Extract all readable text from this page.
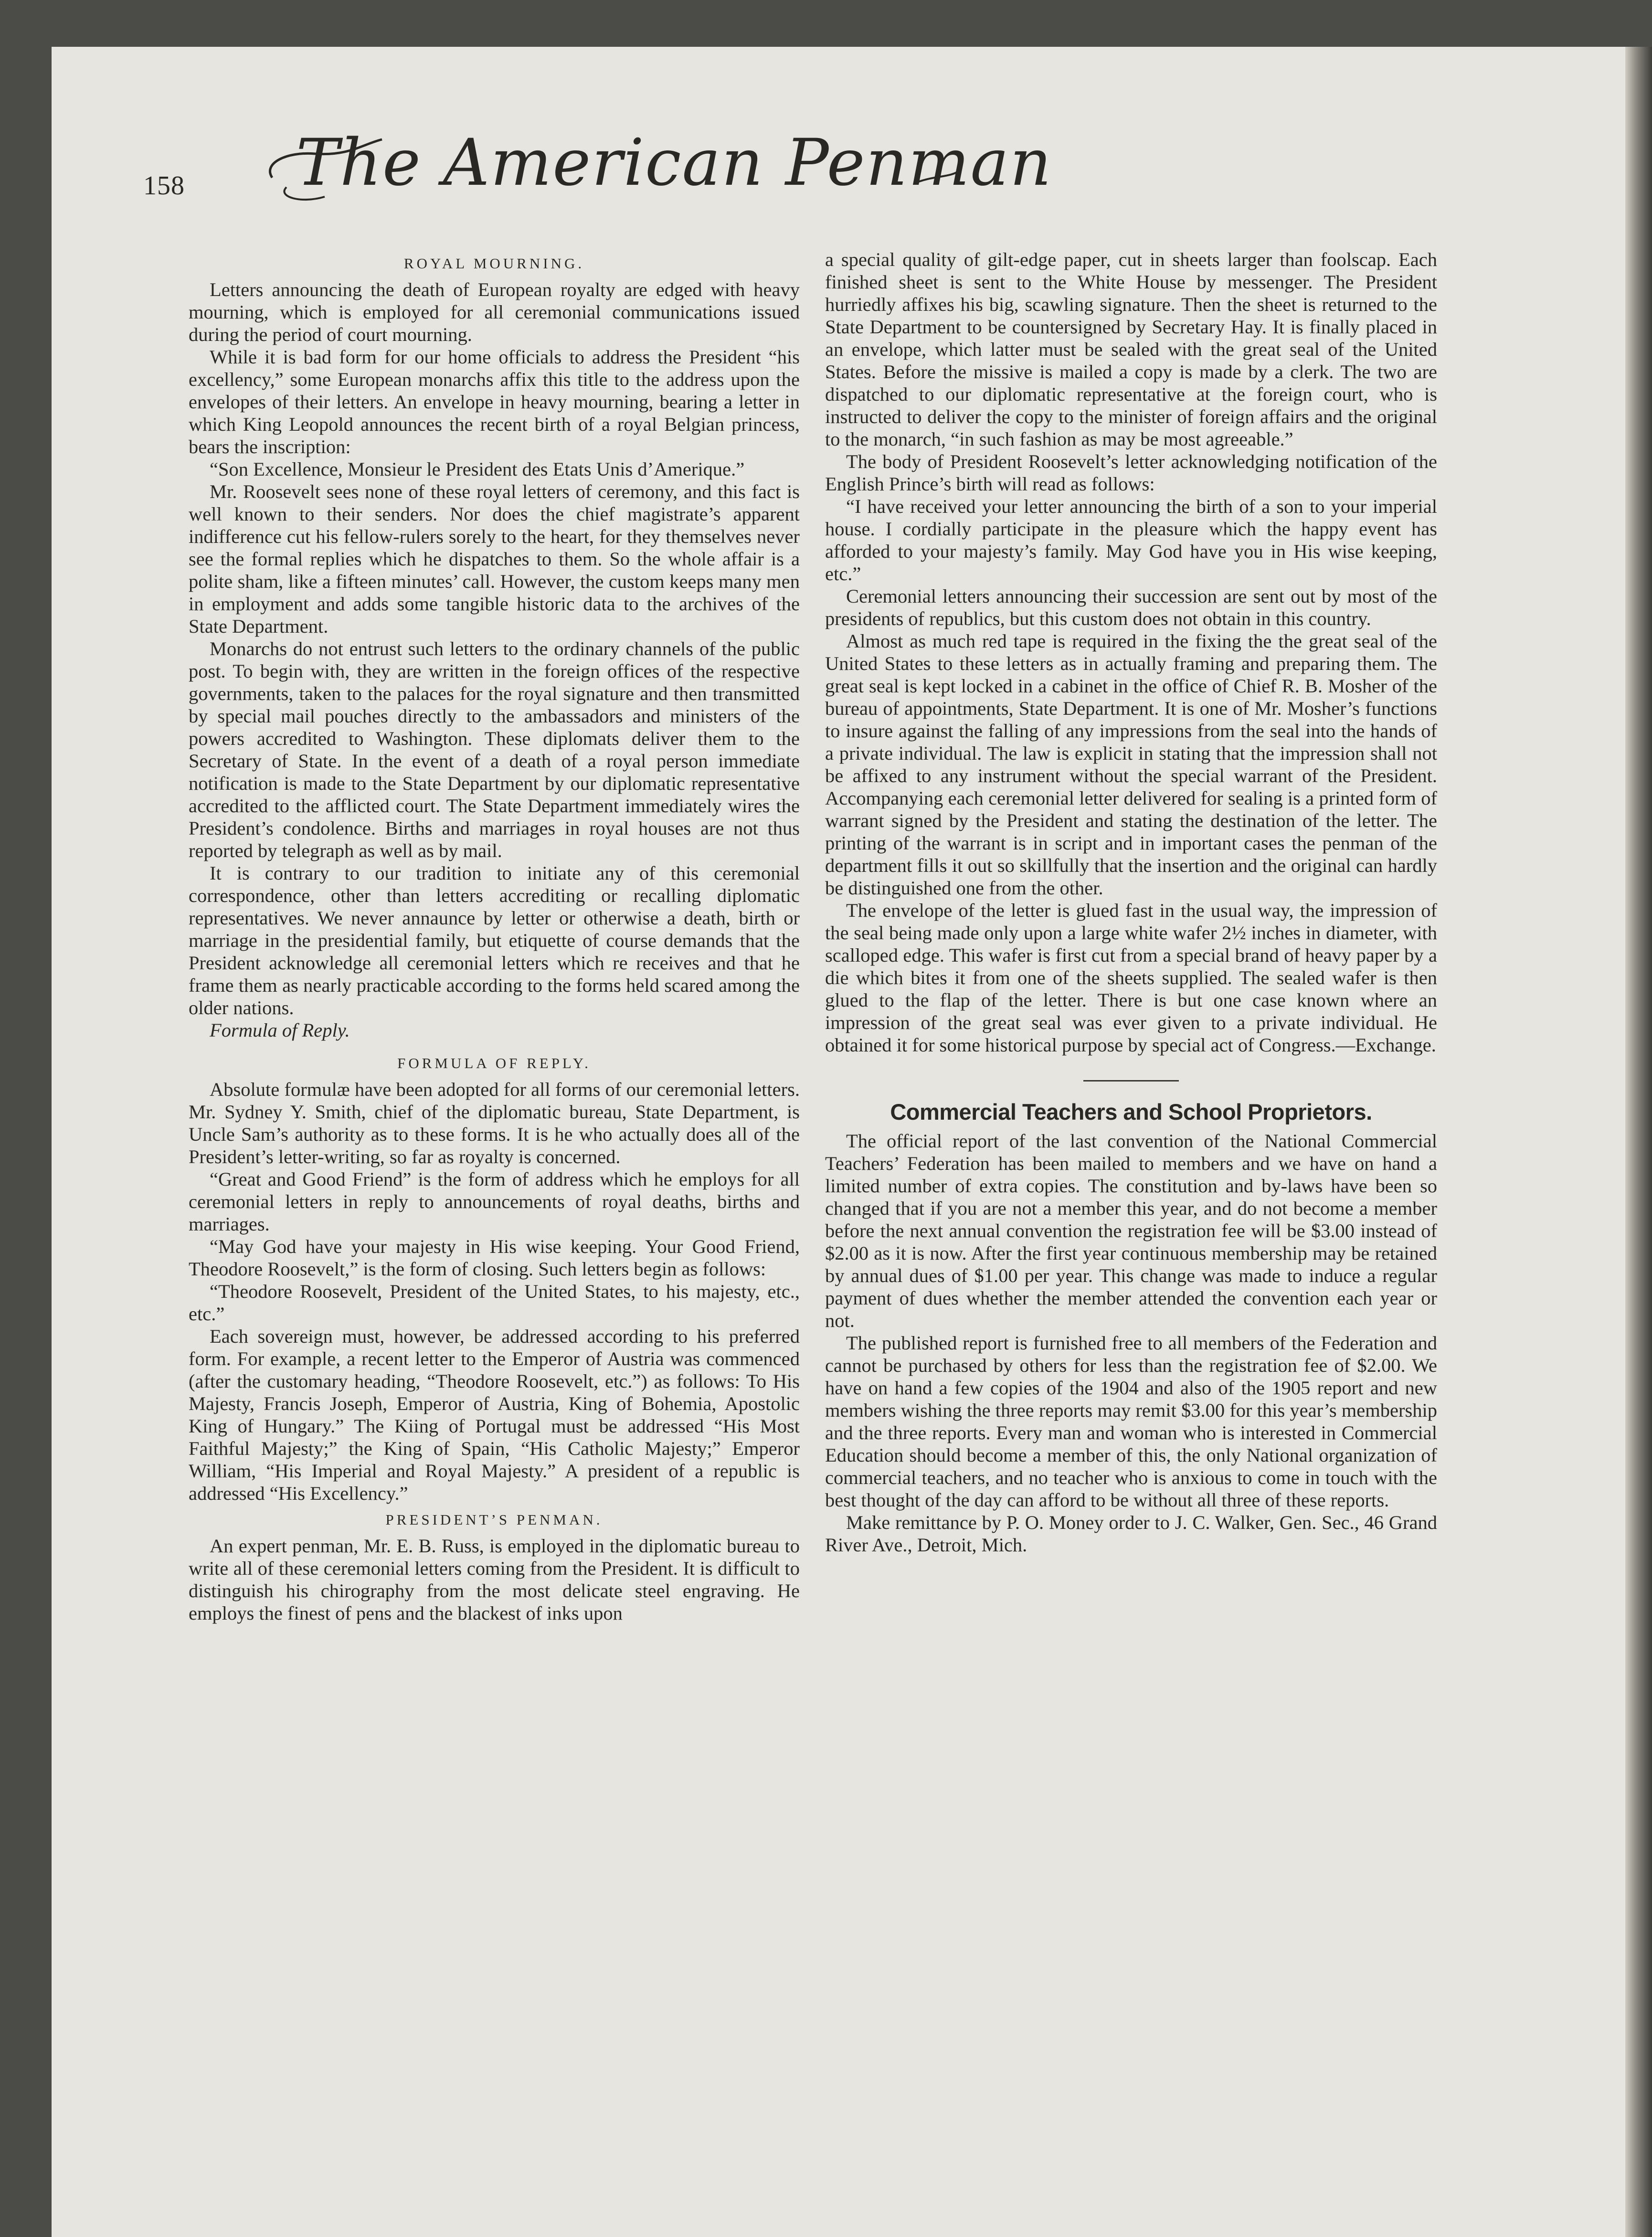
158 The American Penman
ROYAL MOURNING.

Letters announcing the death of European royalty are edged with heavy mourning, which is employed for all ceremonial communications issued during the period of court mourning.

While it is bad form for our home officials to address the President “his excellency,” some European monarchs affix this title to the address upon the envelopes of their letters. An envelope in heavy mourning, bearing a letter in which King Leopold announces the recent birth of a royal Belgian princess, bears the inscription:

“Son Excellence, Monsieur le President des Etats Unis d’Amerique.”

Mr. Roosevelt sees none of these royal letters of ceremony, and this fact is well known to their senders. Nor does the chief magistrate’s apparent indifference cut his fellow-rulers sorely to the heart, for they themselves never see the formal replies which he dispatches to them. So the whole affair is a polite sham, like a fifteen minutes’ call. However, the custom keeps many men in employment and adds some tangible historic data to the archives of the State Department.

Monarchs do not entrust such letters to the ordinary channels of the public post. To begin with, they are written in the foreign offices of the respective governments, taken to the palaces for the royal signature and then transmitted by special mail pouches directly to the ambassadors and ministers of the powers accredited to Washington. These diplomats deliver them to the Secretary of State. In the event of a death of a royal person immediate notification is made to the State Department by our diplomatic representative accredited to the afflicted court. The State Department immediately wires the President’s condolence. Births and marriages in royal houses are not thus reported by telegraph as well as by mail.

It is contrary to our tradition to initiate any of this ceremonial correspondence, other than letters accrediting or recalling diplomatic representatives. We never annaunce by letter or otherwise a death, birth or marriage in the presidential family, but etiquette of course demands that the President acknowledge all ceremonial letters which re receives and that he frame them as nearly practicable according to the forms held scared among the older nations.

Formula of Reply.

FORMULA OF REPLY.

Absolute formulæ have been adopted for all forms of our ceremonial letters. Mr. Sydney Y. Smith, chief of the diplomatic bureau, State Department, is Uncle Sam’s authority as to these forms. It is he who actually does all of the President’s letter-writing, so far as royalty is concerned.

“Great and Good Friend” is the form of address which he employs for all ceremonial letters in reply to announcements of royal deaths, births and marriages.

“May God have your majesty in His wise keeping. Your Good Friend, Theodore Roosevelt,” is the form of closing. Such letters begin as follows:

“Theodore Roosevelt, President of the United States, to his majesty, etc., etc.”

Each sovereign must, however, be addressed according to his preferred form. For example, a recent letter to the Emperor of Austria was commenced (after the customary heading, “Theodore Roosevelt, etc.”) as follows: To His Majesty, Francis Joseph, Emperor of Austria, King of Bohemia, Apostolic King of Hungary.” The Kiing of Portugal must be addressed “His Most Faithful Majesty;” the King of Spain, “His Catholic Majesty;” Emperor William, “His Imperial and Royal Majesty.” A president of a republic is addressed “His Excellency.”

PRESIDENT’S PENMAN.

An expert penman, Mr. E. B. Russ, is employed in the diplomatic bureau to write all of these ceremonial letters coming from the President. It is difficult to distinguish his chirography from the most delicate steel engraving. He employs the finest of pens and the blackest of inks upon

a special quality of gilt-edge paper, cut in sheets larger than foolscap. Each finished sheet is sent to the White House by messenger. The President hurriedly affixes his big, scawling signature. Then the sheet is returned to the State Department to be countersigned by Secretary Hay. It is finally placed in an envelope, which latter must be sealed with the great seal of the United States. Before the missive is mailed a copy is made by a clerk. The two are dispatched to our diplomatic representative at the foreign court, who is instructed to deliver the copy to the minister of foreign affairs and the original to the monarch, “in such fashion as may be most agreeable.”

The body of President Roosevelt’s letter acknowledging notification of the English Prince’s birth will read as follows:

“I have received your letter announcing the birth of a son to your imperial house. I cordially participate in the pleasure which the happy event has afforded to your majesty’s family. May God have you in His wise keeping, etc.”

Ceremonial letters announcing their succession are sent out by most of the presidents of republics, but this custom does not obtain in this country.

Almost as much red tape is required in the fixing the the great seal of the United States to these letters as in actually framing and preparing them. The great seal is kept locked in a cabinet in the office of Chief R. B. Mosher of the bureau of appointments, State Department. It is one of Mr. Mosher’s functions to insure against the falling of any impressions from the seal into the hands of a private individual. The law is explicit in stating that the impression shall not be affixed to any instrument without the special warrant of the President. Accompanying each ceremonial letter delivered for sealing is a printed form of warrant signed by the President and stating the destination of the letter. The printing of the warrant is in script and in important cases the penman of the department fills it out so skillfully that the insertion and the original can hardly be distinguished one from the other.

The envelope of the letter is glued fast in the usual way, the impression of the seal being made only upon a large white wafer 2½ inches in diameter, with scalloped edge. This wafer is first cut from a special brand of heavy paper by a die which bites it from one of the sheets supplied. The sealed wafer is then glued to the flap of the letter. There is but one case known where an impression of the great seal was ever given to a private individual. He obtained it for some historical purpose by special act of Congress.—Exchange.

Commercial Teachers and School Proprietors.

The official report of the last convention of the National Commercial Teachers’ Federation has been mailed to members and we have on hand a limited number of extra copies. The constitution and by-laws have been so changed that if you are not a member this year, and do not become a member before the next annual convention the registration fee will be $3.00 instead of $2.00 as it is now. After the first year continuous membership may be retained by annual dues of $1.00 per year. This change was made to induce a regular payment of dues whether the member attended the convention each year or not.

The published report is furnished free to all members of the Federation and cannot be purchased by others for less than the registration fee of $2.00. We have on hand a few copies of the 1904 and also of the 1905 report and new members wishing the three reports may remit $3.00 for this year’s membership and the three reports. Every man and woman who is interested in Commercial Education should become a member of this, the only National organization of commercial teachers, and no teacher who is anxious to come in touch with the best thought of the day can afford to be without all three of these reports.

Make remittance by P. O. Money order to J. C. Walker, Gen. Sec., 46 Grand River Ave., Detroit, Mich.
